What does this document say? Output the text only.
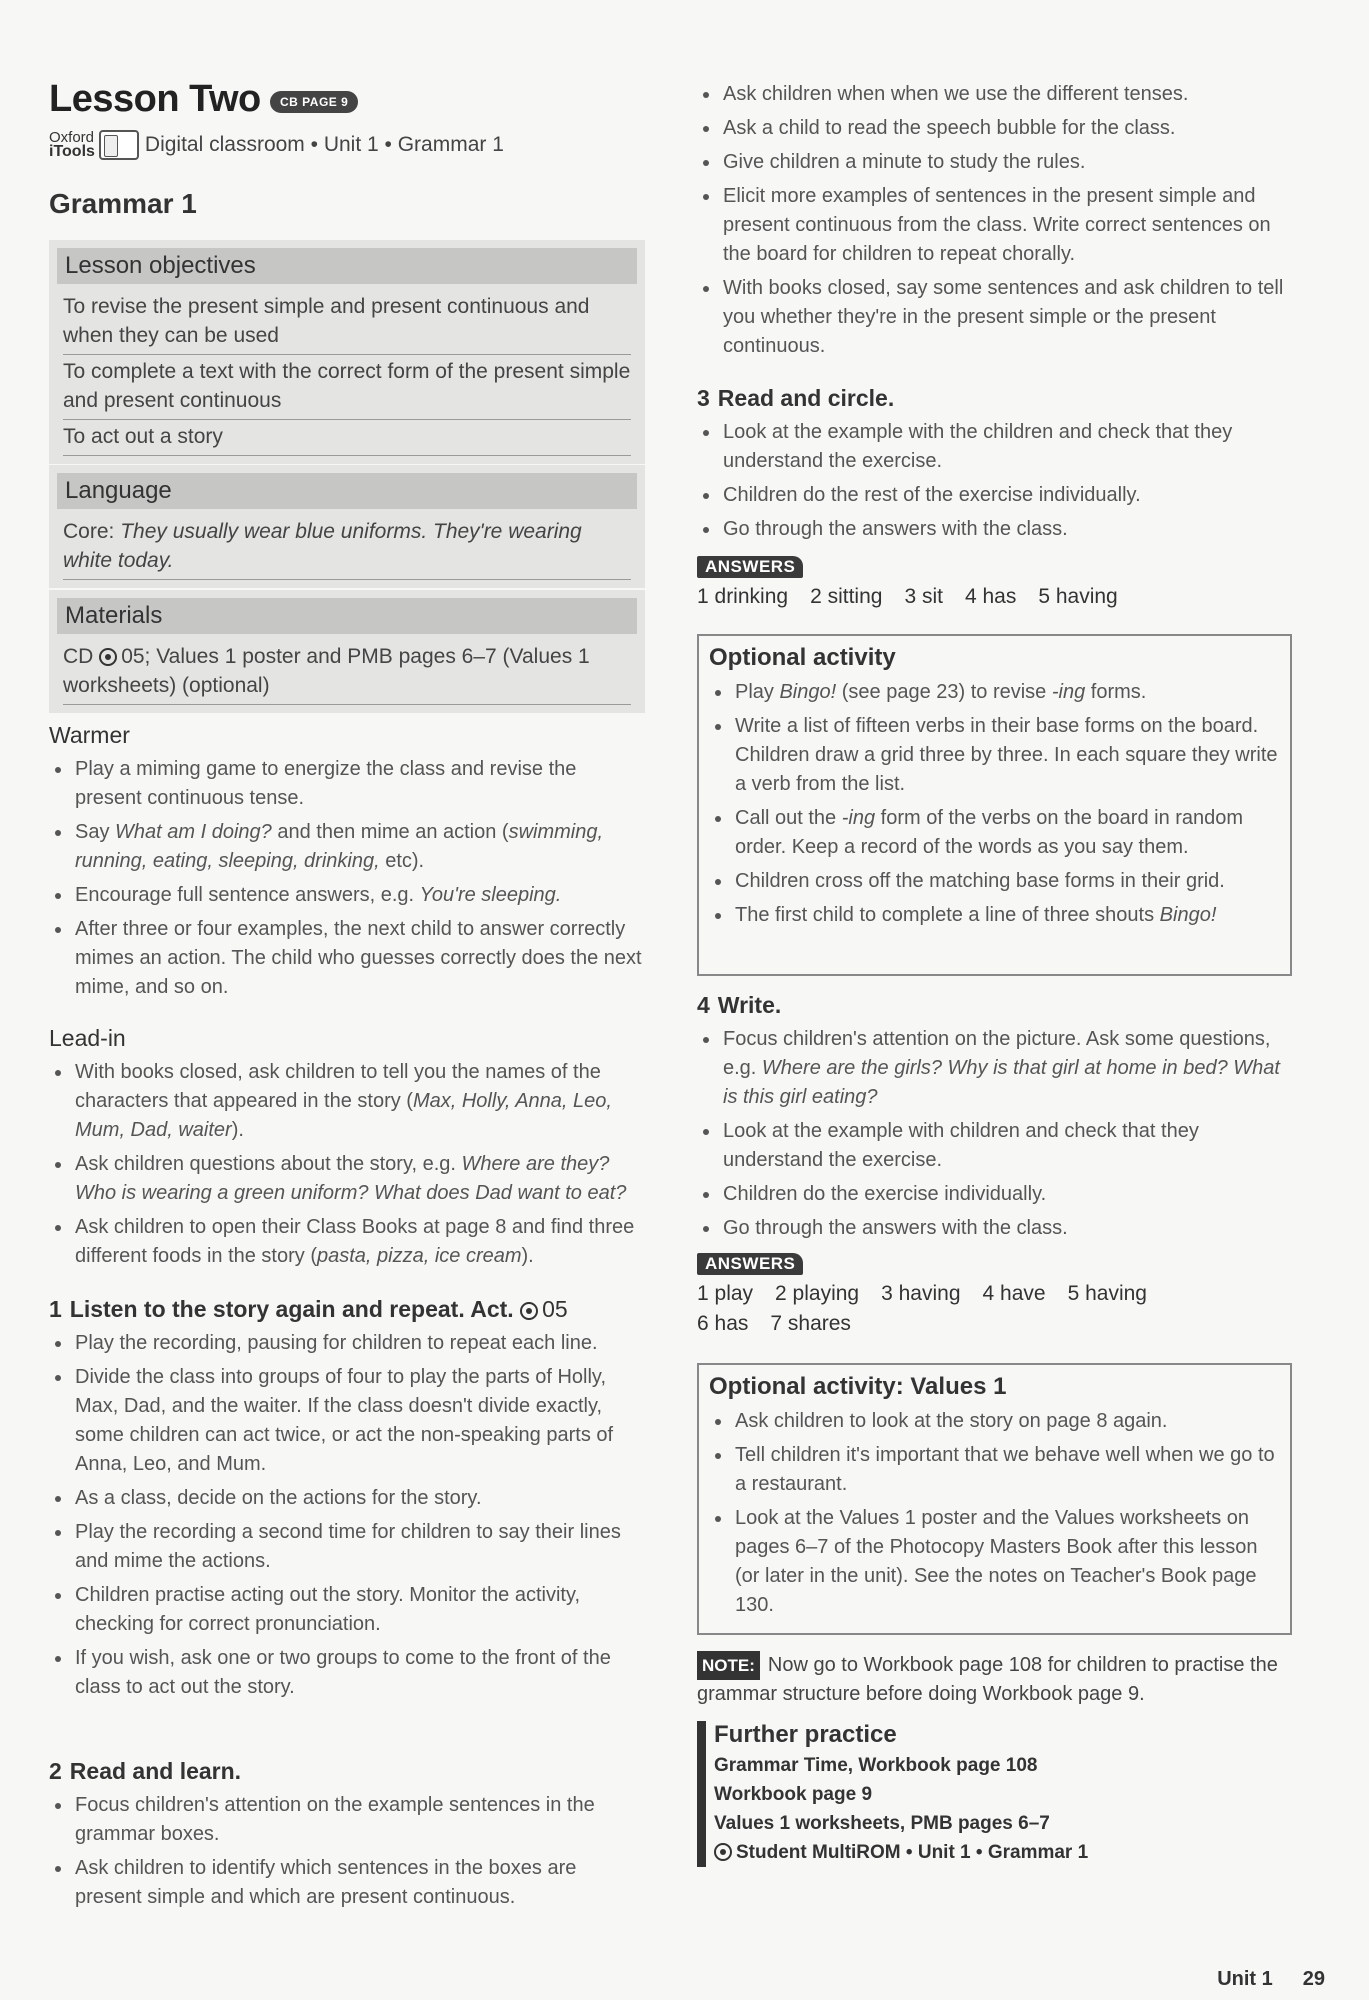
Lesson Two	CB PAGE 9
Oxford
iTools Digital classroom • Unit 1 • Grammar 1
Grammar 1
Lesson objectives
To revise the present simple and present continuous and when they can be used
To complete a text with the correct form of the present simple and present continuous
To act out a story
Language
Core: They usually wear blue uniforms. They're wearing white today.
Materials
CD 05; Values 1 poster and PMB pages 6–7 (Values 1 worksheets) (optional)
Warmer
Play a miming game to energize the class and revise the present continuous tense.
Say What am I doing? and then mime an action (swimming, running, eating, sleeping, drinking, etc).
Encourage full sentence answers, e.g. You're sleeping.
After three or four examples, the next child to answer correctly mimes an action. The child who guesses correctly does the next mime, and so on.
Lead-in
With books closed, ask children to tell you the names of the characters that appeared in the story (Max, Holly, Anna, Leo, Mum, Dad, waiter).
Ask children questions about the story, e.g. Where are they? Who is wearing a green uniform? What does Dad want to eat?
Ask children to open their Class Books at page 8 and find three different foods in the story (pasta, pizza, ice cream).
1 Listen to the story again and repeat. Act. 05
Play the recording, pausing for children to repeat each line.
Divide the class into groups of four to play the parts of Holly, Max, Dad, and the waiter. If the class doesn't divide exactly, some children can act twice, or act the non-speaking parts of Anna, Leo, and Mum.
As a class, decide on the actions for the story.
Play the recording a second time for children to say their lines and mime the actions.
Children practise acting out the story. Monitor the activity, checking for correct pronunciation.
If you wish, ask one or two groups to come to the front of the class to act out the story.
2 Read and learn.
Focus children's attention on the example sentences in the grammar boxes.
Ask children to identify which sentences in the boxes are present simple and which are present continuous.
Ask children when when we use the different tenses.
Ask a child to read the speech bubble for the class.
Give children a minute to study the rules.
Elicit more examples of sentences in the present simple and present continuous from the class. Write correct sentences on the board for children to repeat chorally.
With books closed, say some sentences and ask children to tell you whether they're in the present simple or the present continuous.
3 Read and circle.
Look at the example with the children and check that they understand the exercise.
Children do the rest of the exercise individually.
Go through the answers with the class.
ANSWERS
1 drinking 2 sitting 3 sit 4 has 5 having
Optional activity
Play Bingo! (see page 23) to revise -ing forms.
Write a list of fifteen verbs in their base forms on the board. Children draw a grid three by three. In each square they write a verb from the list.
Call out the -ing form of the verbs on the board in random order. Keep a record of the words as you say them.
Children cross off the matching base forms in their grid.
The first child to complete a line of three shouts Bingo!
4 Write.
Focus children's attention on the picture. Ask some questions, e.g. Where are the girls? Why is that girl at home in bed? What is this girl eating?
Look at the example with children and check that they understand the exercise.
Children do the exercise individually.
Go through the answers with the class.
ANSWERS
1 play 2 playing 3 having 4 have 5 having
6 has 7 shares
Optional activity: Values 1
Ask children to look at the story on page 8 again.
Tell children it's important that we behave well when we go to a restaurant.
Look at the Values 1 poster and the Values worksheets on pages 6–7 of the Photocopy Masters Book after this lesson (or later in the unit). See the notes on Teacher's Book page 130.
NOTE: Now go to Workbook page 108 for children to practise the grammar structure before doing Workbook page 9.
Further practice
Grammar Time, Workbook page 108
Workbook page 9
Values 1 worksheets, PMB pages 6–7
Student MultiROM • Unit 1 • Grammar 1
Unit 1 29
